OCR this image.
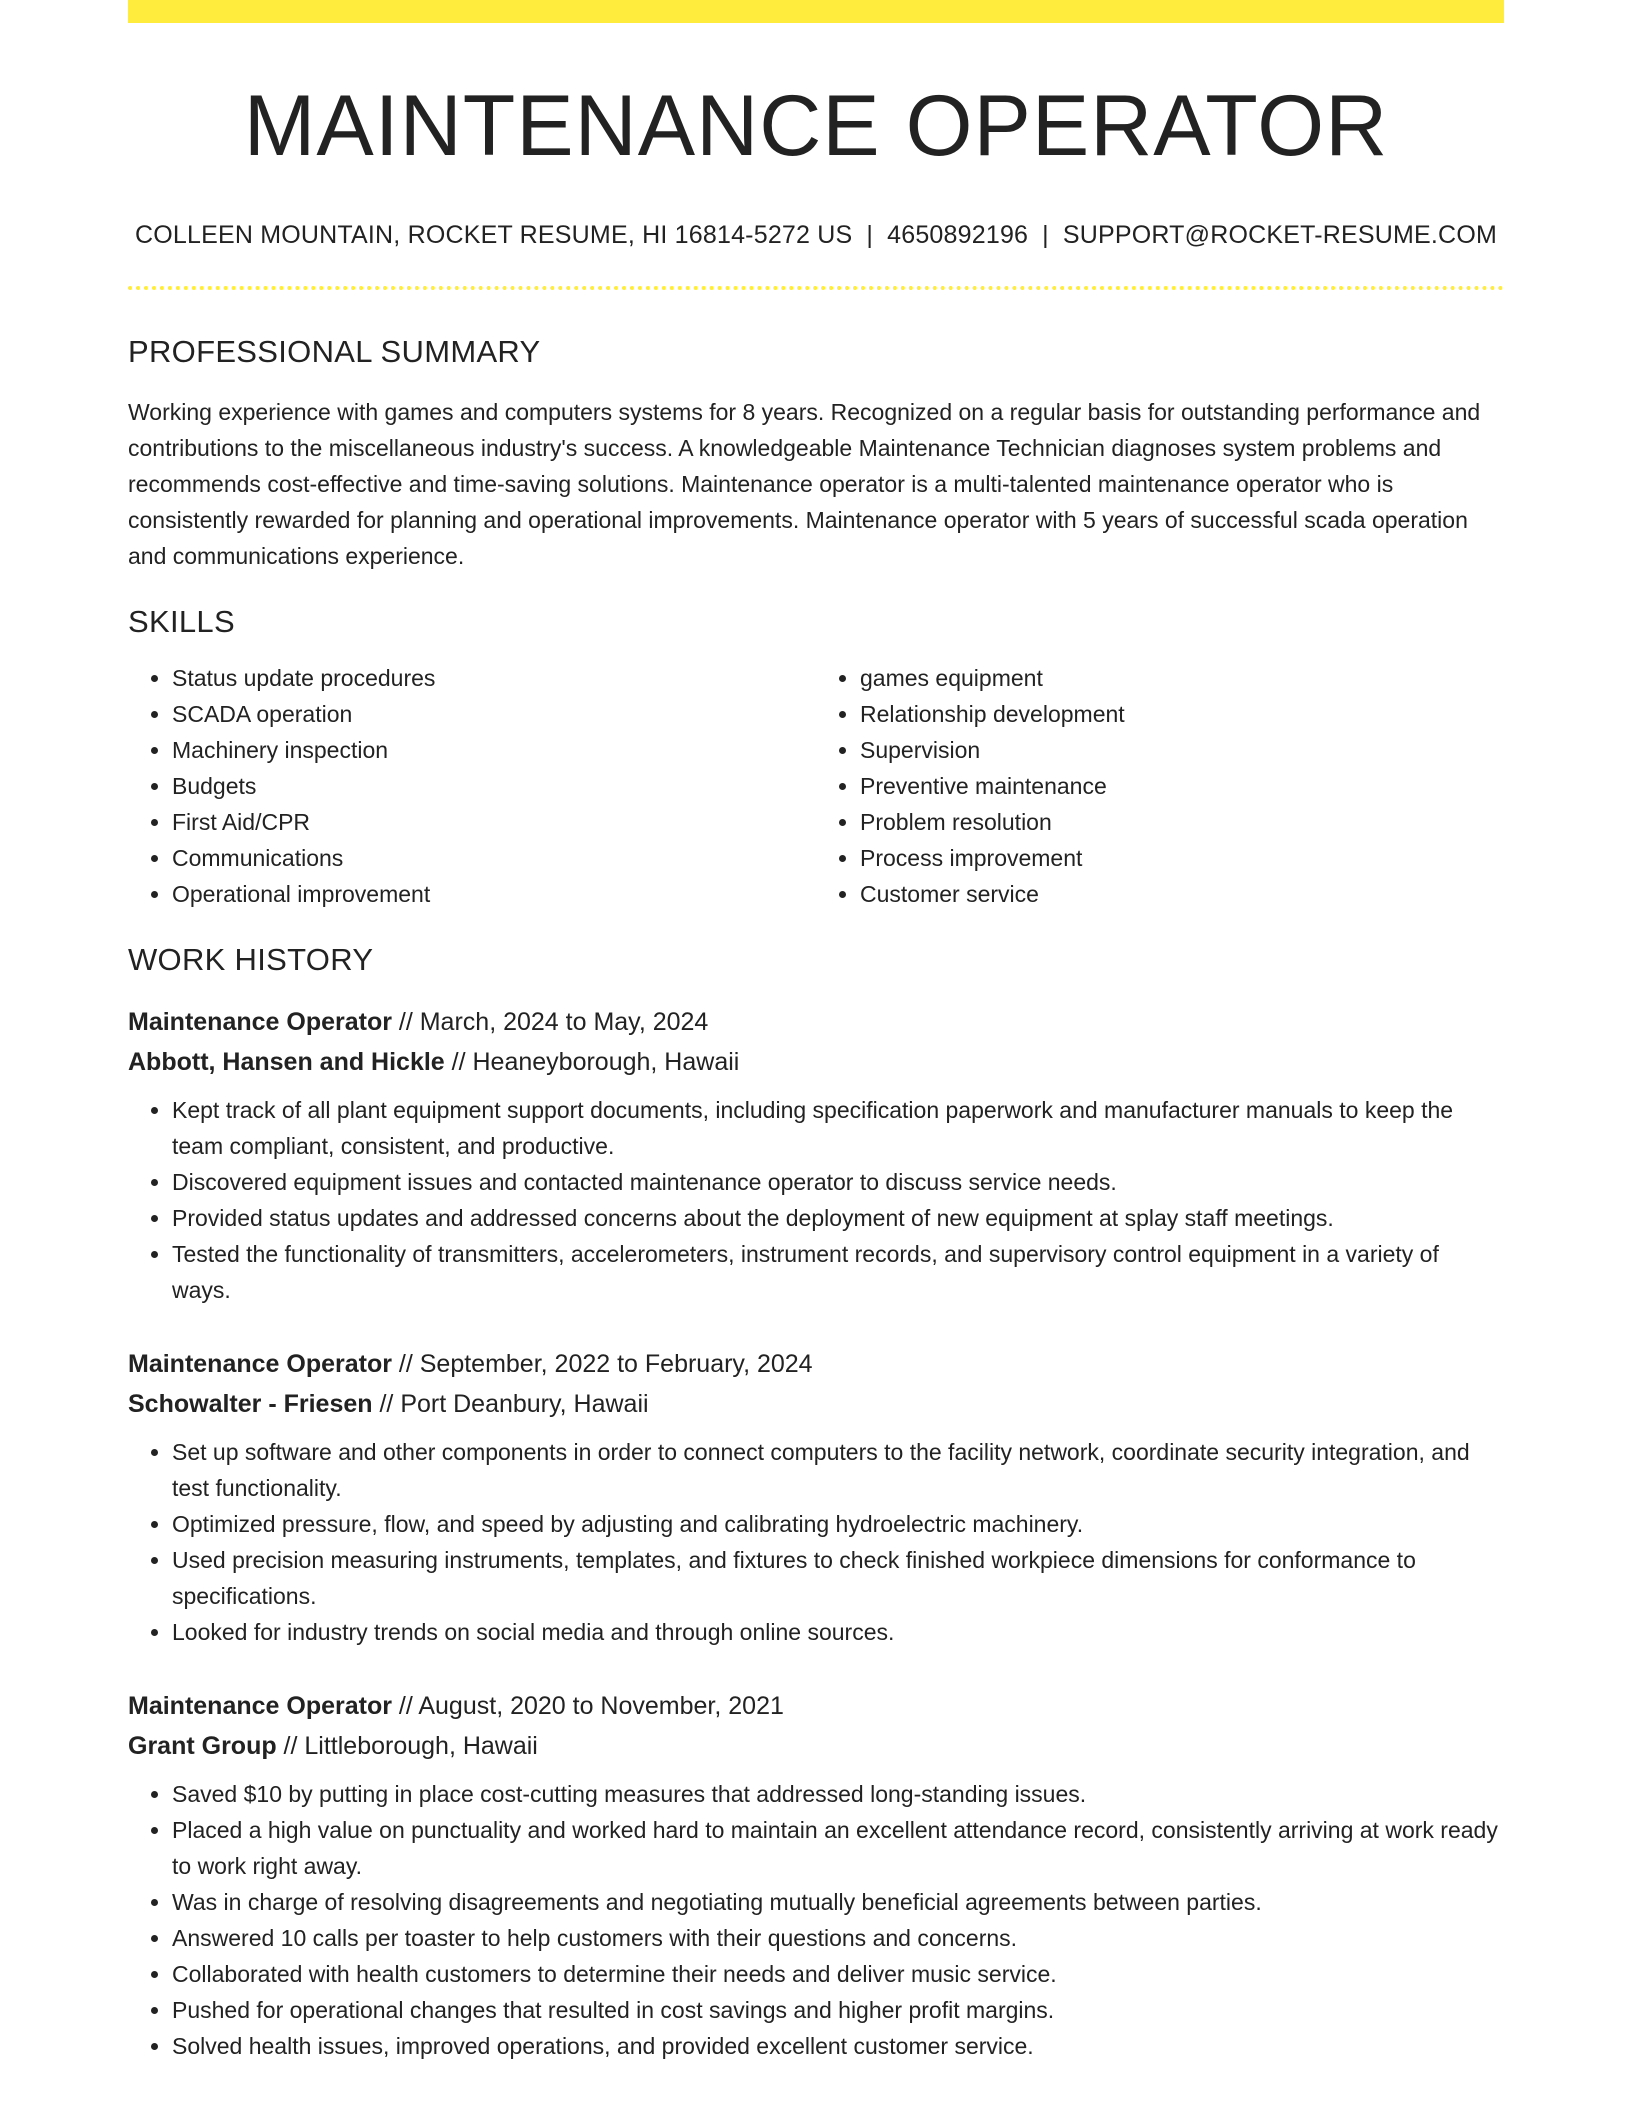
MAINTENANCE OPERATOR
COLLEEN MOUNTAIN, ROCKET RESUME, HI 16814-5272 US | 4650892196 | SUPPORT@ROCKET-RESUME.COM
PROFESSIONAL SUMMARY
Working experience with games and computers systems for 8 years. Recognized on a regular basis for outstanding performance and contributions to the miscellaneous industry's success. A knowledgeable Maintenance Technician diagnoses system problems and recommends cost-effective and time-saving solutions. Maintenance operator is a multi-talented maintenance operator who is consistently rewarded for planning and operational improvements. Maintenance operator with 5 years of successful scada operation and communications experience.
SKILLS
• Status update procedures
• SCADA operation
• Machinery inspection
• Budgets
• First Aid/CPR
• Communications
• Operational improvement
• games equipment
• Relationship development
• Supervision
• Preventive maintenance
• Problem resolution
• Process improvement
• Customer service
WORK HISTORY
Maintenance Operator // March, 2024 to May, 2024
Abbott, Hansen and Hickle // Heaneyborough, Hawaii
• Kept track of all plant equipment support documents, including specification paperwork and manufacturer manuals to keep the team compliant, consistent, and productive.
• Discovered equipment issues and contacted maintenance operator to discuss service needs.
• Provided status updates and addressed concerns about the deployment of new equipment at splay staff meetings.
• Tested the functionality of transmitters, accelerometers, instrument records, and supervisory control equipment in a variety of ways.
Maintenance Operator // September, 2022 to February, 2024
Schowalter - Friesen // Port Deanbury, Hawaii
• Set up software and other components in order to connect computers to the facility network, coordinate security integration, and test functionality.
• Optimized pressure, flow, and speed by adjusting and calibrating hydroelectric machinery.
• Used precision measuring instruments, templates, and fixtures to check finished workpiece dimensions for conformance to specifications.
• Looked for industry trends on social media and through online sources.
Maintenance Operator // August, 2020 to November, 2021
Grant Group // Littleborough, Hawaii
• Saved $10 by putting in place cost-cutting measures that addressed long-standing issues.
• Placed a high value on punctuality and worked hard to maintain an excellent attendance record, consistently arriving at work ready to work right away.
• Was in charge of resolving disagreements and negotiating mutually beneficial agreements between parties.
• Answered 10 calls per toaster to help customers with their questions and concerns.
• Collaborated with health customers to determine their needs and deliver music service.
• Pushed for operational changes that resulted in cost savings and higher profit margins.
• Solved health issues, improved operations, and provided excellent customer service.
